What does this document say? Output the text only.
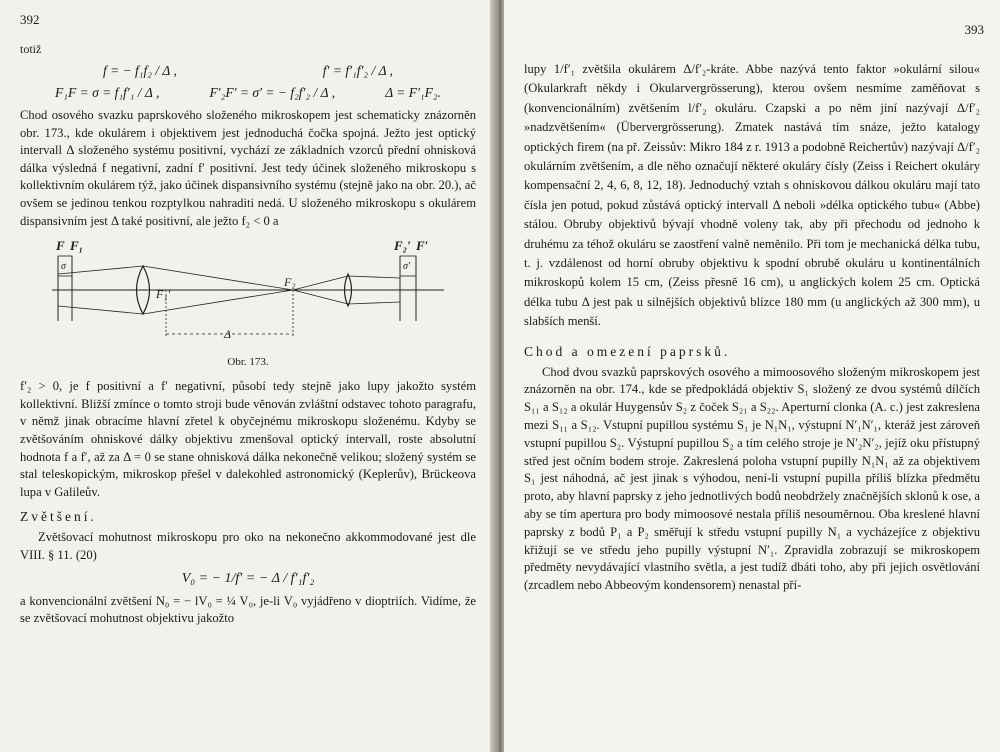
392
totiž
f = − f₁f₂ / Δ ,	f′ = f′₁f′₂ / Δ ,
F₁F = σ = f₁f′₁ / Δ ,	F′₂F′ = σ′ = − f₂f′₂ / Δ ,	Δ = F′₁F₂.

Chod osového svazku paprskového složeného mikroskopem jest schematicky znázorněn obr. 173., kde okulárem i objektivem jest jednoduchá čočka spojná. Ježto jest optický intervall Δ složeného systému positivní, vychází ze základních vzorců přední ohnisková dálka výsledná f negativní, zadní f′ positivní. Jest tedy účinek složeného mikroskopu s kollektivním okulárem týž, jako účinek dispansivního systému (stejně jako na obr. 20.), ač ovšem se jedinou tenkou rozptylkou nahraditi nedá. U složeného mikroskopu s okulárem dispansivním jest Δ také positivní, ale ježto f₂ < 0 a

F F₁
σ
F₁′
F₂
Δ
F₂′ F′
σ′
Obr. 173.

f′₂ > 0, je f positivní a f′ negativní, působí tedy stejně jako lupy jakožto systém kollektivní. Bližší zmínce o tomto stroji bude věnován zvláštní odstavec tohoto paragrafu, v němž jinak obracíme hlavní zřetel k obyčejnému mikroskopu složenému. Kdyby se zvětšováním ohniskové dálky objektivu zmenšoval optický intervall, roste absolutní hodnota f a f′, až za Δ = 0 se stane ohnisková dálka nekonečně velikou; složený systém se stal teleskopickým, mikroskop přešel v dalekohled astronomický (Keplerův), Brückeova lupa v Galileův.

Zvětšení.

Zvětšovací mohutnost mikroskopu pro oko na nekonečno akkommodované jest dle VIII. § 11. (20)

V₀ = − 1/f′ = − Δ / f′₁f′₂

a konvencionální zvětšení N₀ = − lV₀ = ¼ V₀, je-li V₀ vyjádřeno v dioptriích. Vidíme, že se zvětšovací mohutnost objektivu jakožto

393

lupy 1/f′₁ zvětšila okulárem Δ/f′₂-kráte. Abbe nazývá tento faktor »okulární silou« (Okularkraft někdy i Okularvergrösserung), kterou ovšem nesmíme zaměňovat s (konvencionálním) zvětšením l/f′₂ okuláru. Czapski a po něm jiní nazývají Δ/f′₂ »nadzvětšením« (Übervergrösserung). Zmatek nastává tím snáze, ježto katalogy optických firem (na př. Zeissův: Mikro 184 z r. 1913 a podobně Reichertův) nazývají Δ/f′₂ okulárním zvětšením, a dle něho označují některé okuláry čísly (Zeiss i Reichert okuláry kompensační 2, 4, 6, 8, 12, 18). Jednoduchý vztah s ohniskovou dálkou okuláru mají tato čísla jen potud, pokud zůstává optický intervall Δ neboli »délka optického tubu« (Abbe) stálou. Obruby objektivů bývají vhodně voleny tak, aby při přechodu od jednoho k druhému za téhož okuláru se zaostření valně neměnilo. Při tom je mechanická délka tubu, t. j. vzdálenost od horní obruby objektivu k spodní obrubě okuláru u kontinentálních mikroskopů kolem 15 cm, (Zeiss přesně 16 cm), u anglických kolem 25 cm. Optická délka tubu Δ jest pak u silnějších objektivů blízce 180 mm (u anglických až 300 mm), u slabších menší.

Chod a omezení paprsků.

Chod dvou svazků paprskových osového a mimoosového složeným mikroskopem jest znázorněn na obr. 174., kde se předpokládá objektiv S₁ složený ze dvou systémů dílčích S₁₁ a S₁₂ a okulár Huygensův S₂ z čoček S₂₁ a S₂₂. Aperturní clonka (A. c.) jest zakreslena mezi S₁₁ a S₁₂. Vstupní pupillou systému S₁ je N₁N₁, výstupní N′₁N′₁, kteráž jest zároveň vstupní pupillou S₂. Výstupní pupillou S₂ a tím celého stroje je N′₂N′₂, jejíž oku přístupný střed jest očním bodem stroje. Zakreslená poloha vstupní pupilly N₁N₁ až za objektivem S₁ jest náhodná, ač jest jinak s výhodou, není-li vstupní pupilla příliš blízka předmětu proto, aby hlavní paprsky z jeho jednotlivých bodů neobdržely značnějších sklonů k ose, a aby se tím apertura pro body mimoosové nestala příliš nesouměrnou. Oba kreslené hlavní paprsky z bodů P₁ a P₂ směřují k středu vstupní pupilly N₁ a vycházejíce z objektivu křižují se ve středu jeho pupilly výstupní N′₁. Zpravidla zobrazují se mikroskopem předměty nevydávající vlastního světla, a jest tudíž dbáti toho, aby při jejich osvětlování (zrcadlem nebo Abbeovým kondensorem) nenastal pří-
